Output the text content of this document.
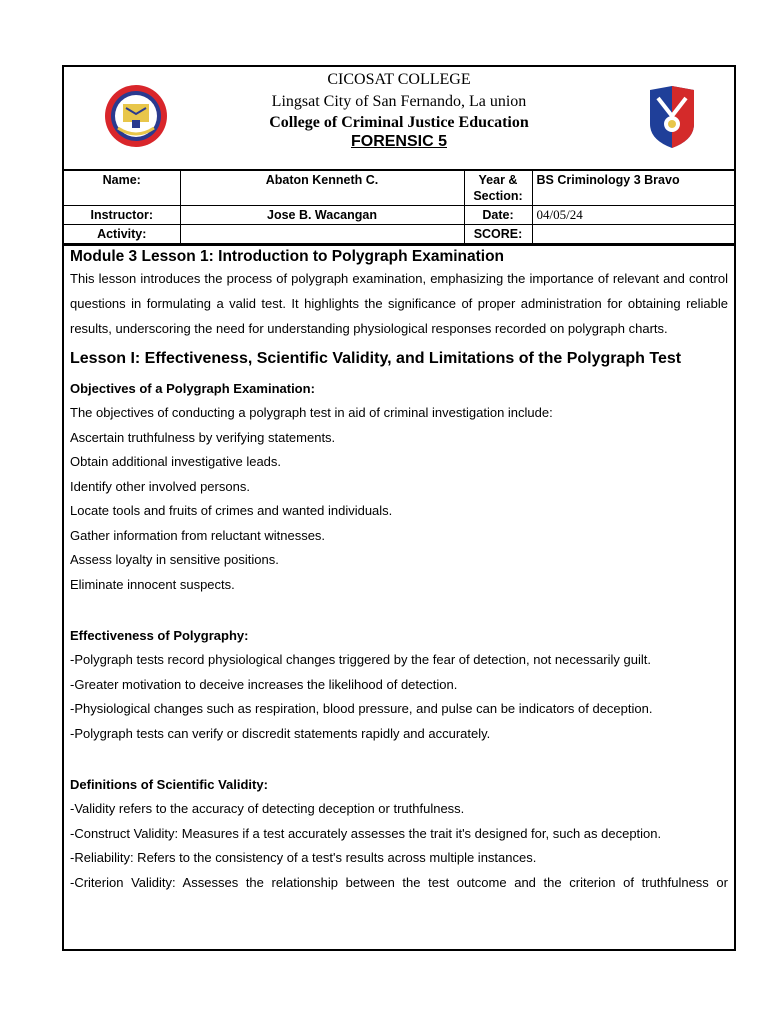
CICOSAT COLLEGE
Lingsat City of San Fernando, La union
College of Criminal Justice Education
FORENSIC 5
Name:	Abaton Kenneth C.	Year & Section:	BS Criminology 3 Bravo
Instructor:	Jose B. Wacangan	Date:	04/05/24
Activity:		SCORE:	
Module 3 Lesson 1: Introduction to Polygraph Examination

This lesson introduces the process of polygraph examination, emphasizing the importance of relevant and control questions in formulating a valid test. It highlights the significance of proper administration for obtaining reliable results, underscoring the need for understanding physiological responses recorded on polygraph charts.

Lesson I: Effectiveness, Scientific Validity, and Limitations of the Polygraph Test
Objectives of a Polygraph Examination:
The objectives of conducting a polygraph test in aid of criminal investigation include:
Ascertain truthfulness by verifying statements.
Obtain additional investigative leads.
Identify other involved persons.
Locate tools and fruits of crimes and wanted individuals.
Gather information from reluctant witnesses.
Assess loyalty in sensitive positions.
Eliminate innocent suspects.
Effectiveness of Polygraphy:
-Polygraph tests record physiological changes triggered by the fear of detection, not necessarily guilt.
-Greater motivation to deceive increases the likelihood of detection.
-Physiological changes such as respiration, blood pressure, and pulse can be indicators of deception.
-Polygraph tests can verify or discredit statements rapidly and accurately.
Definitions of Scientific Validity:
-Validity refers to the accuracy of detecting deception or truthfulness.
-Construct Validity: Measures if a test accurately assesses the trait it's designed for, such as deception.
-Reliability: Refers to the consistency of a test's results across multiple instances.
-Criterion Validity: Assesses the relationship between the test outcome and the criterion of truthfulness or
